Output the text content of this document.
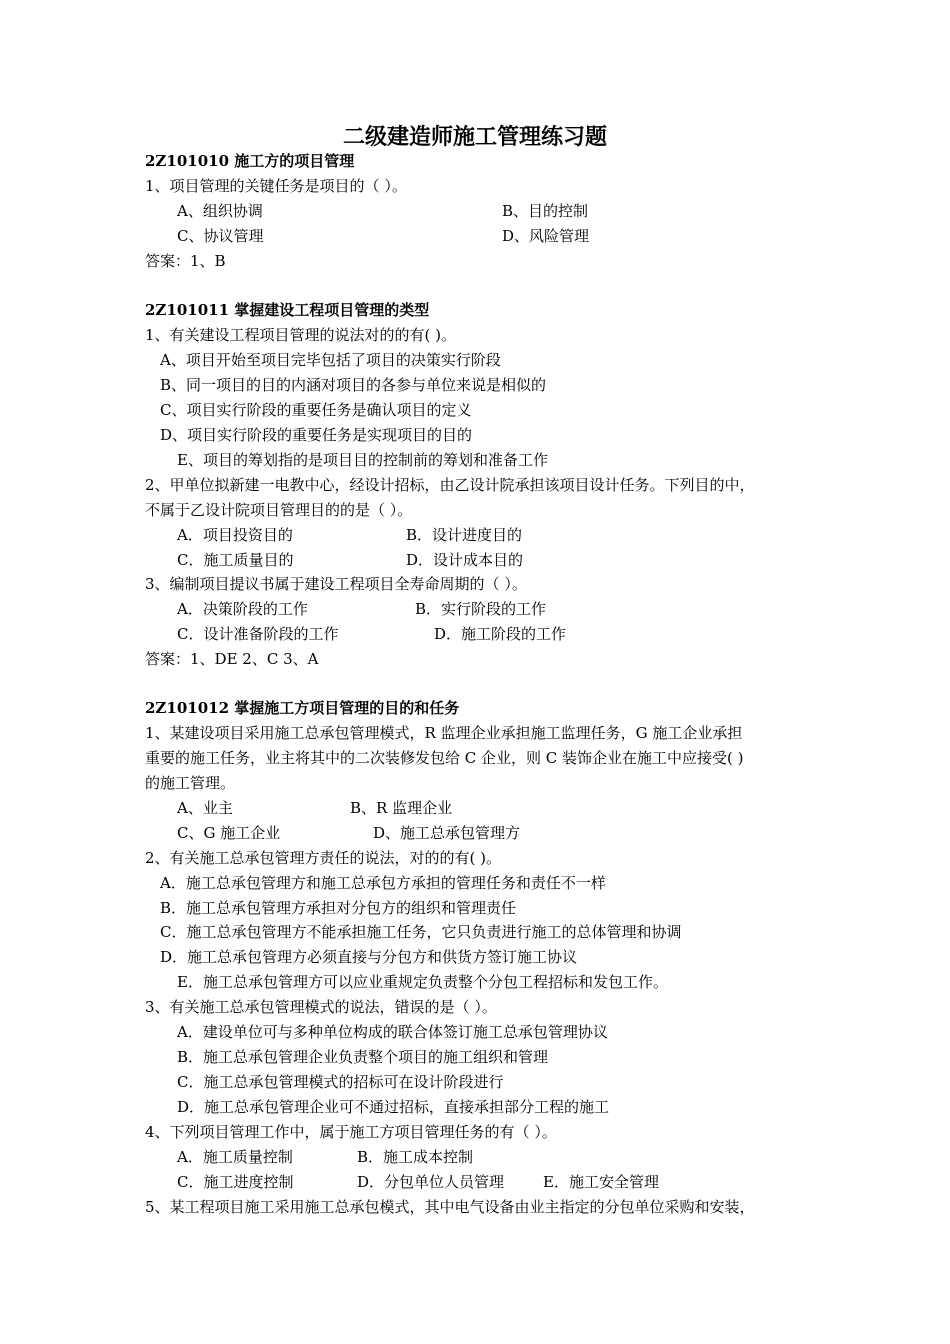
二级建造师施工管理练习题
2Z101010 施工方的项目管理
1、项目管理的关键任务是项目的（ ）。
A、组织协调	B、目的控制
C、协议管理	D、风险管理
答案：1、B
2Z101011 掌握建设工程项目管理的类型
1、有关建设工程项目管理的说法对的的有( )。
A、项目开始至项目完毕包括了项目的决策实行阶段
B、同一项目的目的内涵对项目的各参与单位来说是相似的
C、项目实行阶段的重要任务是确认项目的定义
D、项目实行阶段的重要任务是实现项目的目的
E、项目的筹划指的是项目目的控制前的筹划和准备工作
2、甲单位拟新建一电教中心，经设计招标，由乙设计院承担该项目设计任务。下列目的中，
不属于乙设计院项目管理目的的是（ ）。
A．项目投资目的	B．设计进度目的
C．施工质量目的	D．设计成本目的
3、编制项目提议书属于建设工程项目全寿命周期的（ ）。
A．决策阶段的工作	B．实行阶段的工作
C．设计准备阶段的工作	D．施工阶段的工作
答案：1、DE 2、C 3、A
2Z101012 掌握施工方项目管理的目的和任务
1、某建设项目采用施工总承包管理模式，R 监理企业承担施工监理任务，G 施工企业承担
重要的施工任务，业主将其中的二次装修发包给 C 企业，则 C 装饰企业在施工中应接受( )
的施工管理。
A、业主	B、R 监理企业
C、G 施工企业	D、施工总承包管理方
2、有关施工总承包管理方责任的说法，对的的有( )。
A．施工总承包管理方和施工总承包方承担的管理任务和责任不一样
B．施工总承包管理方承担对分包方的组织和管理责任
C．施工总承包管理方不能承担施工任务，它只负责进行施工的总体管理和协调
D．施工总承包管理方必须直接与分包方和供货方签订施工协议
E．施工总承包管理方可以应业重规定负责整个分包工程招标和发包工作。
3、有关施工总承包管理模式的说法，错误的是（ ）。
A．建设单位可与多种单位构成的联合体签订施工总承包管理协议
B．施工总承包管理企业负责整个项目的施工组织和管理
C．施工总承包管理模式的招标可在设计阶段进行
D．施工总承包管理企业可不通过招标，直接承担部分工程的施工
4、下列项目管理工作中，属于施工方项目管理任务的有（ ）。
A．施工质量控制	B．施工成本控制
C．施工进度控制	D．分包单位人员管理	E．施工安全管理
5、某工程项目施工采用施工总承包模式，其中电气设备由业主指定的分包单位采购和安装，
